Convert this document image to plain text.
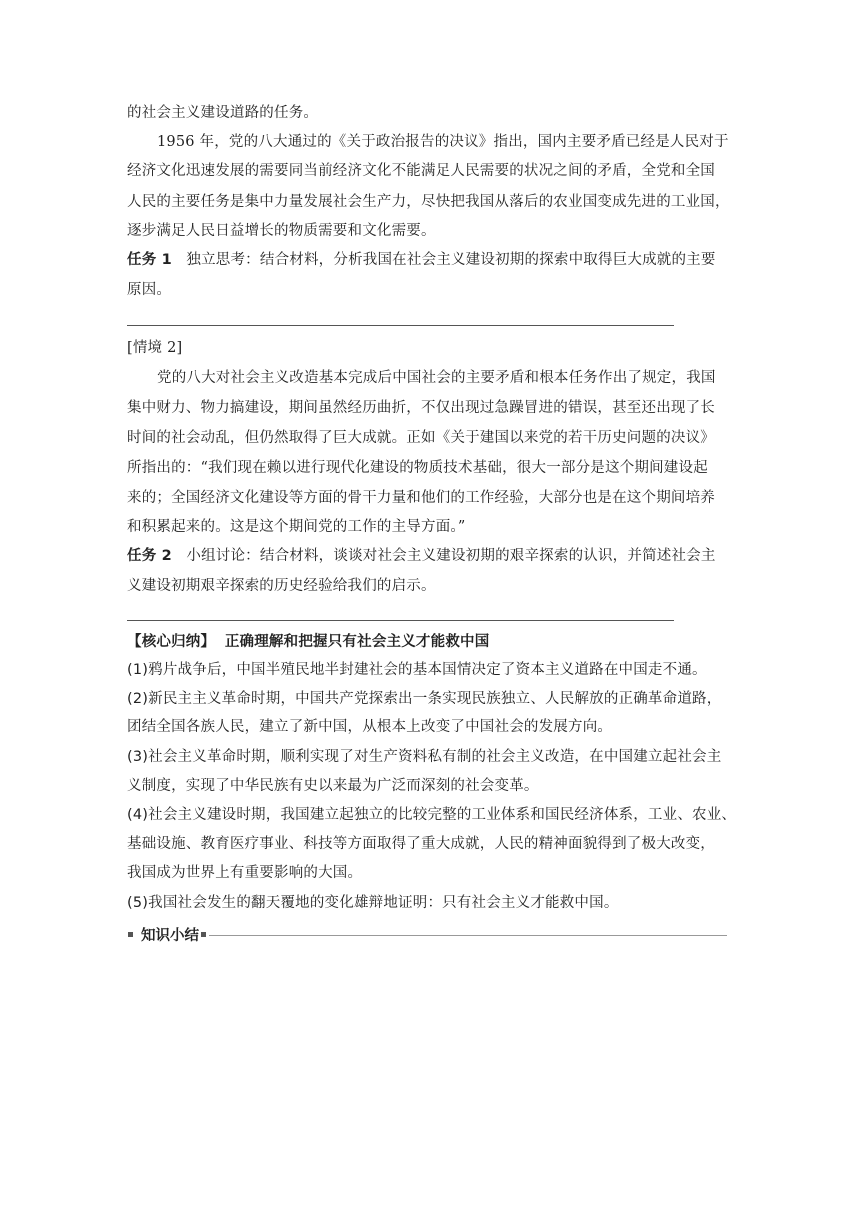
的社会主义建设道路的任务。
1956 年，党的八大通过的《关于政治报告的决议》指出，国内主要矛盾已经是人民对于
经济文化迅速发展的需要同当前经济文化不能满足人民需要的状况之间的矛盾，全党和全国
人民的主要任务是集中力量发展社会生产力，尽快把我国从落后的农业国变成先进的工业国，
逐步满足人民日益增长的物质需要和文化需要。
任务 1 独立思考：结合材料，分析我国在社会主义建设初期的探索中取得巨大成就的主要
原因。
[情境 2]
党的八大对社会主义改造基本完成后中国社会的主要矛盾和根本任务作出了规定，我国
集中财力、物力搞建设，期间虽然经历曲折，不仅出现过急躁冒进的错误，甚至还出现了长
时间的社会动乱，但仍然取得了巨大成就。正如《关于建国以来党的若干历史问题的决议》
所指出的：“我们现在赖以进行现代化建设的物质技术基础，很大一部分是这个期间建设起
来的；全国经济文化建设等方面的骨干力量和他们的工作经验，大部分也是在这个期间培养
和积累起来的。这是这个期间党的工作的主导方面。”
任务 2 小组讨论：结合材料，谈谈对社会主义建设初期的艰辛探索的认识，并简述社会主
义建设初期艰辛探索的历史经验给我们的启示。
【核心归纳】 正确理解和把握只有社会主义才能救中国
(1)鸦片战争后，中国半殖民地半封建社会的基本国情决定了资本主义道路在中国走不通。
(2)新民主主义革命时期，中国共产党探索出一条实现民族独立、人民解放的正确革命道路，
团结全国各族人民，建立了新中国，从根本上改变了中国社会的发展方向。
(3)社会主义革命时期，顺利实现了对生产资料私有制的社会主义改造，在中国建立起社会主
义制度，实现了中华民族有史以来最为广泛而深刻的社会变革。
(4)社会主义建设时期，我国建立起独立的比较完整的工业体系和国民经济体系，工业、农业、
基础设施、教育医疗事业、科技等方面取得了重大成就，人民的精神面貌得到了极大改变，
我国成为世界上有重要影响的大国。
(5)我国社会发生的翻天覆地的变化雄辩地证明：只有社会主义才能救中国。
知识小结
